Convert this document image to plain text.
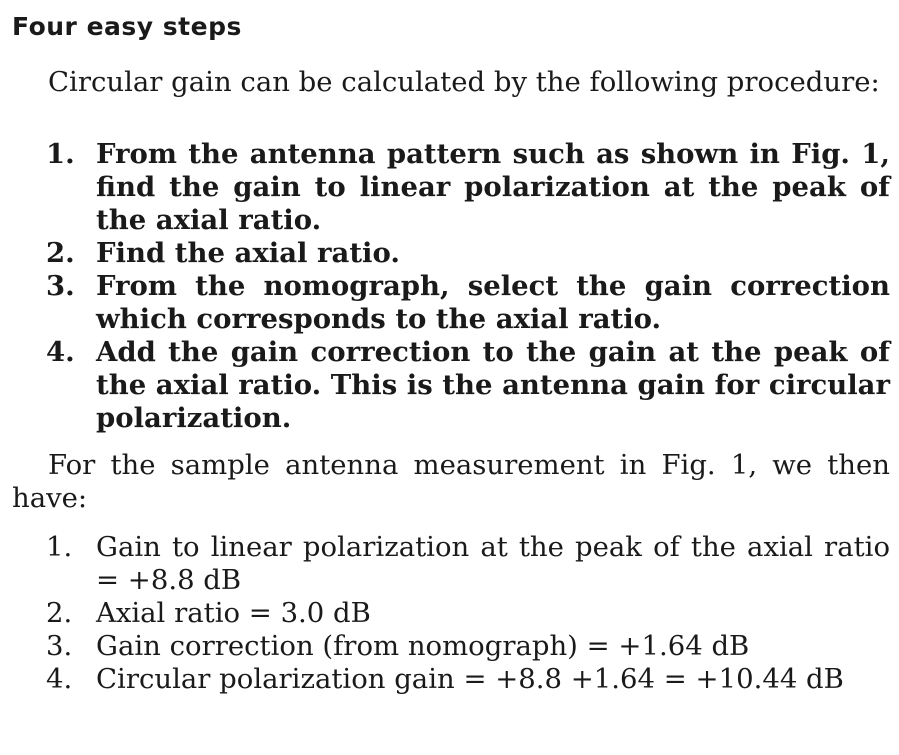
Four easy steps

Circular gain can be calculated by the following procedure:

1. From the antenna pattern such as shown in Fig. 1, find the gain to linear polarization at the peak of the axial ratio.
2. Find the axial ratio.
3. From the nomograph, select the gain correction which corresponds to the axial ratio.
4. Add the gain correction to the gain at the peak of the axial ratio. This is the antenna gain for circular polarization.

For the sample antenna measurement in Fig. 1, we then have:

1. Gain to linear polarization at the peak of the axial ratio = +8.8 dB
2. Axial ratio = 3.0 dB
3. Gain correction (from nomograph) = +1.64 dB
4. Circular polarization gain = +8.8 +1.64 = +10.44 dB
